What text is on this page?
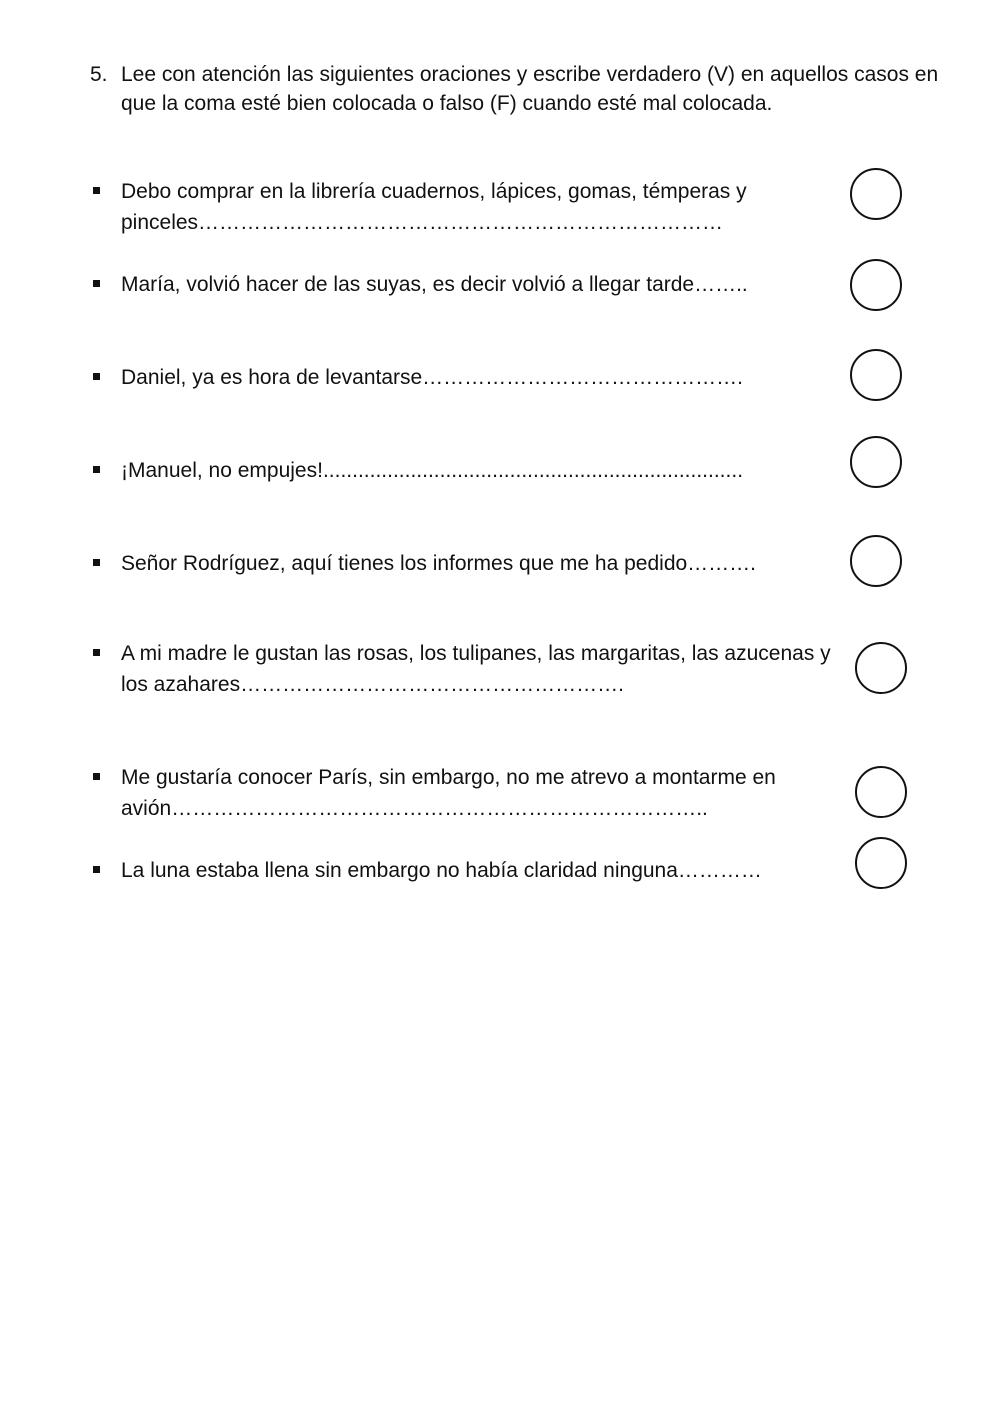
5. Lee con atención las siguientes oraciones y escribe verdadero (V) en aquellos casos en que la coma esté bien colocada o falso (F) cuando esté mal colocada.
Debo comprar en la librería cuadernos, lápices, gomas, témperas y pinceles…………………………………………………………………
María, volvió hacer de las suyas, es decir volvió a llegar tarde……..
Daniel, ya es hora de levantarse……………………………………….
¡Manuel, no empujes!........................................................................
Señor Rodríguez, aquí tienes los informes que me ha pedido……….
A mi madre le gustan las rosas, los tulipanes, las margaritas, las azucenas y los azahares……………………………………………….
Me gustaría conocer París, sin embargo, no me atrevo a montarme en avión…………………………………………………………………..
La luna estaba llena sin embargo no había claridad ninguna…………
